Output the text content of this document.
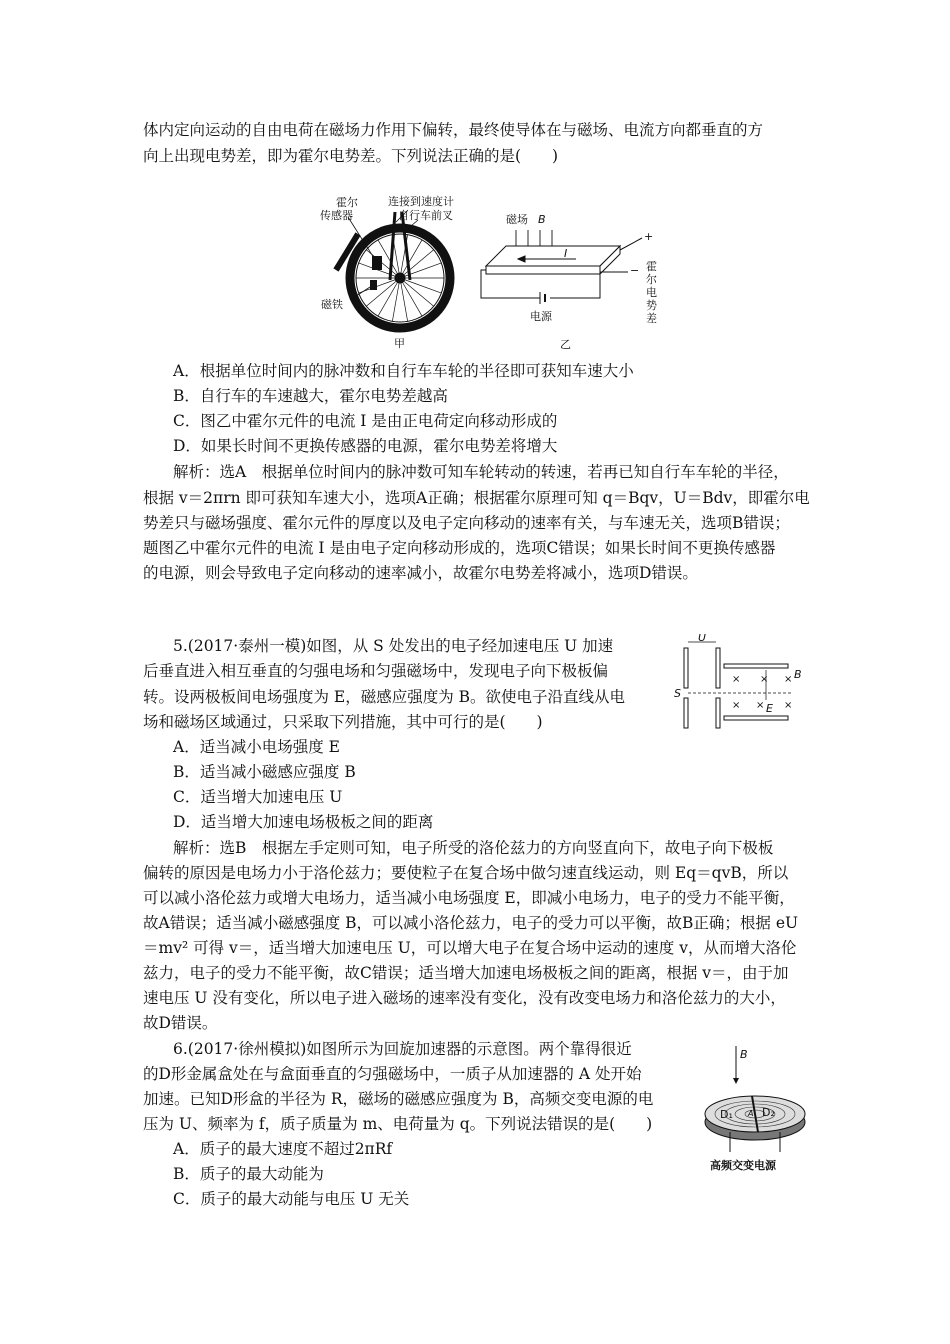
体内定向运动的自由电荷在磁场力作用下偏转，最终使导体在与磁场、电流方向都垂直的方
向上出现电势差，即为霍尔电势差。下列说法正确的是(　　)
A．根据单位时间内的脉冲数和自行车车轮的半径即可获知车速大小
B．自行车的车速越大，霍尔电势差越高
C．图乙中霍尔元件的电流 I 是由正电荷定向移动形成的
D．如果长时间不更换传感器的电源，霍尔电势差将增大
解析：选A　根据单位时间内的脉冲数可知车轮转动的转速，若再已知自行车车轮的半径，
根据 v＝2πrn 即可获知车速大小，选项A正确；根据霍尔原理可知 q＝Bqv，U＝Bdv，即霍尔电
势差只与磁场强度、霍尔元件的厚度以及电子定向移动的速率有关，与车速无关，选项B错误；
题图乙中霍尔元件的电流 I 是由电子定向移动形成的，选项C错误；如果长时间不更换传感器
的电源，则会导致电子定向移动的速率减小，故霍尔电势差将减小，选项D错误。
5.(2017·泰州一模)如图，从 S 处发出的电子经加速电压 U 加速
后垂直进入相互垂直的匀强电场和匀强磁场中，发现电子向下极板偏
转。设两极板间电场强度为 E，磁感应强度为 B。欲使电子沿直线从电
场和磁场区域通过，只采取下列措施，其中可行的是(　　)
A．适当减小电场强度 E
B．适当减小磁感应强度 B
C．适当增大加速电压 U
D．适当增大加速电场极板之间的距离
解析：选B　根据左手定则可知，电子所受的洛伦兹力的方向竖直向下，故电子向下极板
偏转的原因是电场力小于洛伦兹力；要使粒子在复合场中做匀速直线运动，则 Eq＝qvB，所以
可以减小洛伦兹力或增大电场力，适当减小电场强度 E，即减小电场力，电子的受力不能平衡，
故A错误；适当减小磁感强度 B，可以减小洛伦兹力，电子的受力可以平衡，故B正确；根据 eU
＝mv² 可得 v＝，适当增大加速电压 U，可以增大电子在复合场中运动的速度 v，从而增大洛伦
兹力，电子的受力不能平衡，故C错误；适当增大加速电场极板之间的距离，根据 v＝，由于加
速电压 U 没有变化，所以电子进入磁场的速率没有变化，没有改变电场力和洛伦兹力的大小，
故D错误。
6.(2017·徐州模拟)如图所示为回旋加速器的示意图。两个靠得很近
的D形金属盒处在与盒面垂直的匀强磁场中，一质子从加速器的 A 处开始
加速。已知D形盒的半径为 R，磁场的磁感应强度为 B，高频交变电源的电
压为 U、频率为 f，质子质量为 m、电荷量为 q。下列说法错误的是(　　)
A．质子的最大速度不超过2πRf
B．质子的最大动能为
C．质子的最大动能与电压 U 无关
霍尔
传感器
连接到速度计
自行车前叉
磁铁
甲
磁场 B
I
+
−
电源
乙
霍
尔
电
势
差
U
S
B
E
× × ×
× × ×
B
D₁	D₂
A
高频交变电源
